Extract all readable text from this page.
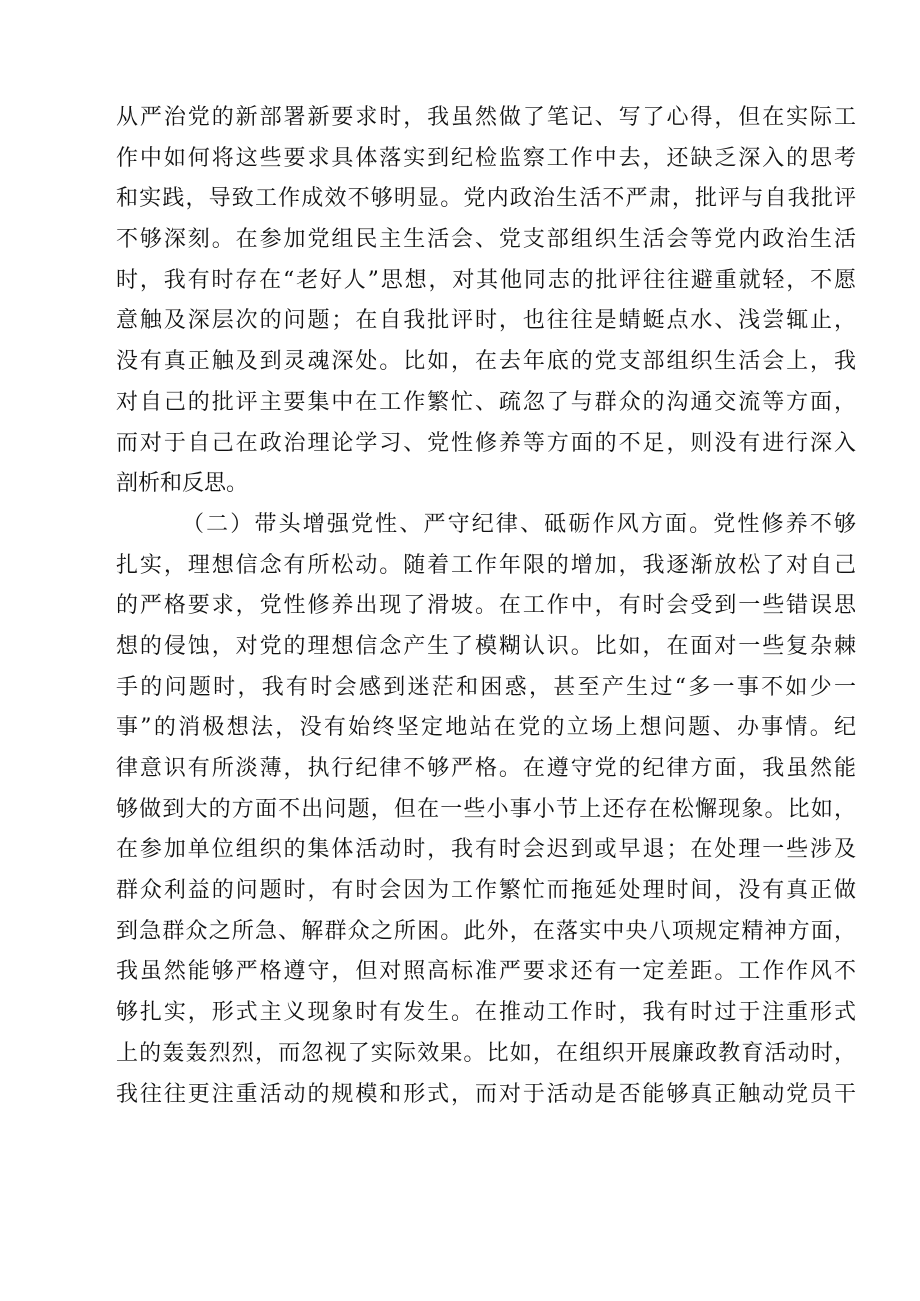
从严治党的新部署新要求时，我虽然做了笔记、写了心得，但在实际工
作中如何将这些要求具体落实到纪检监察工作中去，还缺乏深入的思考
和实践，导致工作成效不够明显。党内政治生活不严肃，批评与自我批评
不够深刻。在参加党组民主生活会、党支部组织生活会等党内政治生活
时，我有时存在“老好人”思想，对其他同志的批评往往避重就轻，不愿
意触及深层次的问题；在自我批评时，也往往是蜻蜓点水、浅尝辄止，
没有真正触及到灵魂深处。比如，在去年底的党支部组织生活会上，我
对自己的批评主要集中在工作繁忙、疏忽了与群众的沟通交流等方面，
而对于自己在政治理论学习、党性修养等方面的不足，则没有进行深入
剖析和反思。
（二）带头增强党性、严守纪律、砥砺作风方面。党性修养不够
扎实，理想信念有所松动。随着工作年限的增加，我逐渐放松了对自己
的严格要求，党性修养出现了滑坡。在工作中，有时会受到一些错误思
想的侵蚀，对党的理想信念产生了模糊认识。比如，在面对一些复杂棘
手的问题时，我有时会感到迷茫和困惑，甚至产生过“多一事不如少一
事”的消极想法，没有始终坚定地站在党的立场上想问题、办事情。纪
律意识有所淡薄，执行纪律不够严格。在遵守党的纪律方面，我虽然能
够做到大的方面不出问题，但在一些小事小节上还存在松懈现象。比如，
在参加单位组织的集体活动时，我有时会迟到或早退；在处理一些涉及
群众利益的问题时，有时会因为工作繁忙而拖延处理时间，没有真正做
到急群众之所急、解群众之所困。此外，在落实中央八项规定精神方面，
我虽然能够严格遵守，但对照高标准严要求还有一定差距。工作作风不
够扎实，形式主义现象时有发生。在推动工作时，我有时过于注重形式
上的轰轰烈烈，而忽视了实际效果。比如，在组织开展廉政教育活动时，
我往往更注重活动的规模和形式，而对于活动是否能够真正触动党员干
